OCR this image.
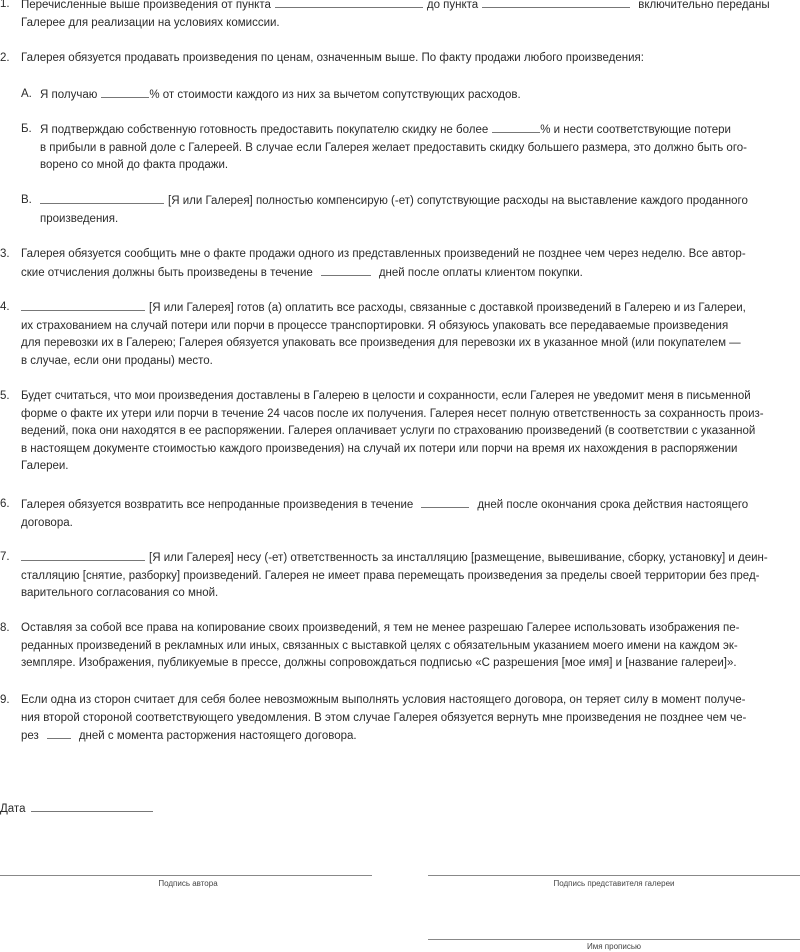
1. Перечисленные выше произведения от пункта	до пункта	включительно переданы
Галерее для реализации на условиях комиссии.
2. Галерея обязуется продавать произведения по ценам, означенным выше. По факту продажи любого произведения:
А. Я получаю	% от стоимости каждого из них за вычетом сопутствующих расходов.
Б. Я подтверждаю собственную готовность предоставить покупателю скидку не более	% и нести соответствующие потери
в прибыли в равной доле с Галереей. В случае если Галерея желает предоставить скидку большего размера, это должно быть ого-
ворено со мной до факта продажи.
В.	[Я или Галерея] полностью компенсирую (-ет) сопутствующие расходы на выставление каждого проданного
произведения.
3. Галерея обязуется сообщить мне о факте продажи одного из представленных произведений не позднее чем через неделю. Все автор-
ские отчисления должны быть произведены в течение	дней после оплаты клиентом покупки.
4.	[Я или Галерея] готов (а) оплатить все расходы, связанные с доставкой произведений в Галерею и из Галереи,
их страхованием на случай потери или порчи в процессе транспортировки. Я обязуюсь упаковать все передаваемые произведения
для перевозки их в Галерею; Галерея обязуется упаковать все произведения для перевозки их в указанное мной (или покупателем —
в случае, если они проданы) место.
5. Будет считаться, что мои произведения доставлены в Галерею в целости и сохранности, если Галерея не уведомит меня в письменной
форме о факте их утери или порчи в течение 24 часов после их получения. Галерея несет полную ответственность за сохранность произ-
ведений, пока они находятся в ее распоряжении. Галерея оплачивает услуги по страхованию произведений (в соответствии с указанной
в настоящем документе стоимостью каждого произведения) на случай их потери или порчи на время их нахождения в распоряжении
Галереи.
6. Галерея обязуется возвратить все непроданные произведения в течение	дней после окончания срока действия настоящего
договора.
7.	[Я или Галерея] несу (-ет) ответственность за инсталляцию [размещение, вывешивание, сборку, установку] и деин-
сталляцию [снятие, разборку] произведений. Галерея не имеет права перемещать произведения за пределы своей территории без пред-
варительного согласования со мной.
8. Оставляя за собой все права на копирование своих произведений, я тем не менее разрешаю Галерее использовать изображения пе-
реданных произведений в рекламных или иных, связанных с выставкой целях с обязательным указанием моего имени на каждом эк-
земпляре. Изображения, публикуемые в прессе, должны сопровождаться подписью «С разрешения [мое имя] и [название галереи]».
9. Если одна из сторон считает для себя более невозможным выполнять условия настоящего договора, он теряет силу в момент получе-
ния второй стороной соответствующего уведомления. В этом случае Галерея обязуется вернуть мне произведения не позднее чем че-
рез	дней с момента расторжения настоящего договора.
Дата
Подпись автора	Подпись представителя галереи
Имя прописью
